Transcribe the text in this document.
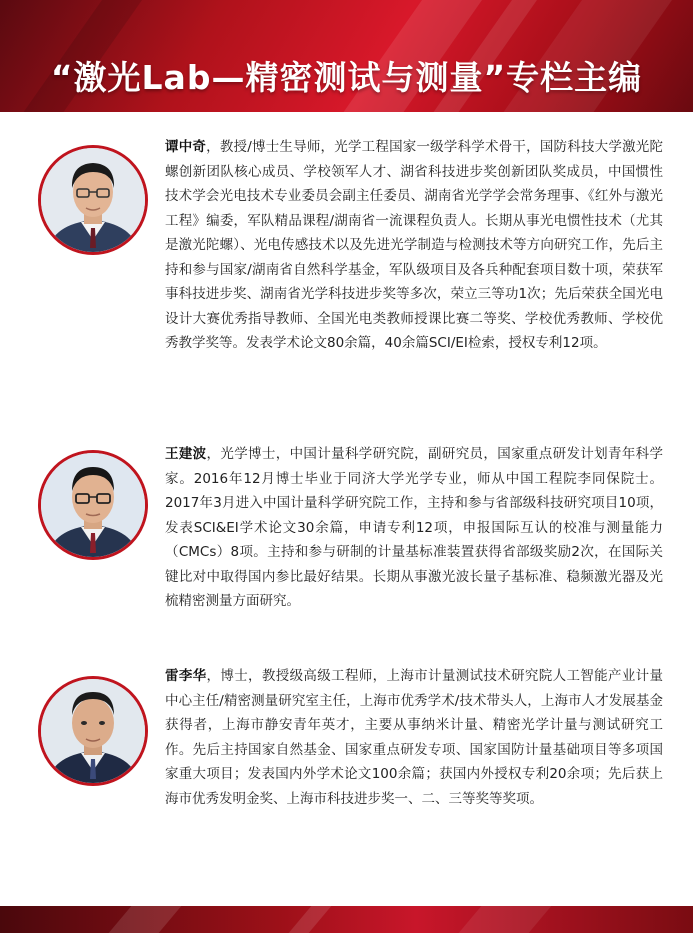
“激光Lab—精密测试与测量”专栏主编
谭中奇，教授/博士生导师，光学工程国家一级学科学术骨干，国防科技大学激光陀螺创新团队核心成员、学校领军人才、湖省科技进步奖创新团队奖成员，中国惯性技术学会光电技术专业委员会副主任委员、湖南省光学学会常务理事、《红外与激光工程》编委，军队精品课程/湖南省一流课程负责人。长期从事光电惯性技术（尤其是激光陀螺）、光电传感技术以及先进光学制造与检测技术等方向研究工作，先后主持和参与国家/湖南省自然科学基金，军队级项目及各兵种配套项目数十项，荣获军事科技进步奖、湖南省光学科技进步奖等多次，荣立三等功1次；先后荣获全国光电设计大赛优秀指导教师、全国光电类教师授课比赛二等奖、学校优秀教师、学校优秀教学奖等。发表学术论文80余篇，40余篇SCI/EI检索，授权专利12项。
王建波，光学博士，中国计量科学研究院，副研究员，国家重点研发计划青年科学家。2016年12月博士毕业于同济大学光学专业，师从中国工程院李同保院士。2017年3月进入中国计量科学研究院工作，主持和参与省部级科技研究项目10项，发表SCI&EI学术论文30余篇，申请专利12项，申报国际互认的校准与测量能力（CMCs）8项。主持和参与研制的计量基标准装置获得省部级奖励2次，在国际关键比对中取得国内参比最好结果。长期从事激光波长量子基标准、稳频激光器及光梳精密测量方面研究。
雷李华，博士，教授级高级工程师，上海市计量测试技术研究院人工智能产业计量中心主任/精密测量研究室主任，上海市优秀学术/技术带头人，上海市人才发展基金获得者，上海市静安青年英才，主要从事纳米计量、精密光学计量与测试研究工作。先后主持国家自然基金、国家重点研发专项、国家国防计量基础项目等多项国家重大项目；发表国内外学术论文100余篇；获国内外授权专利20余项；先后获上海市优秀发明金奖、上海市科技进步奖一、二、三等奖等奖项。
